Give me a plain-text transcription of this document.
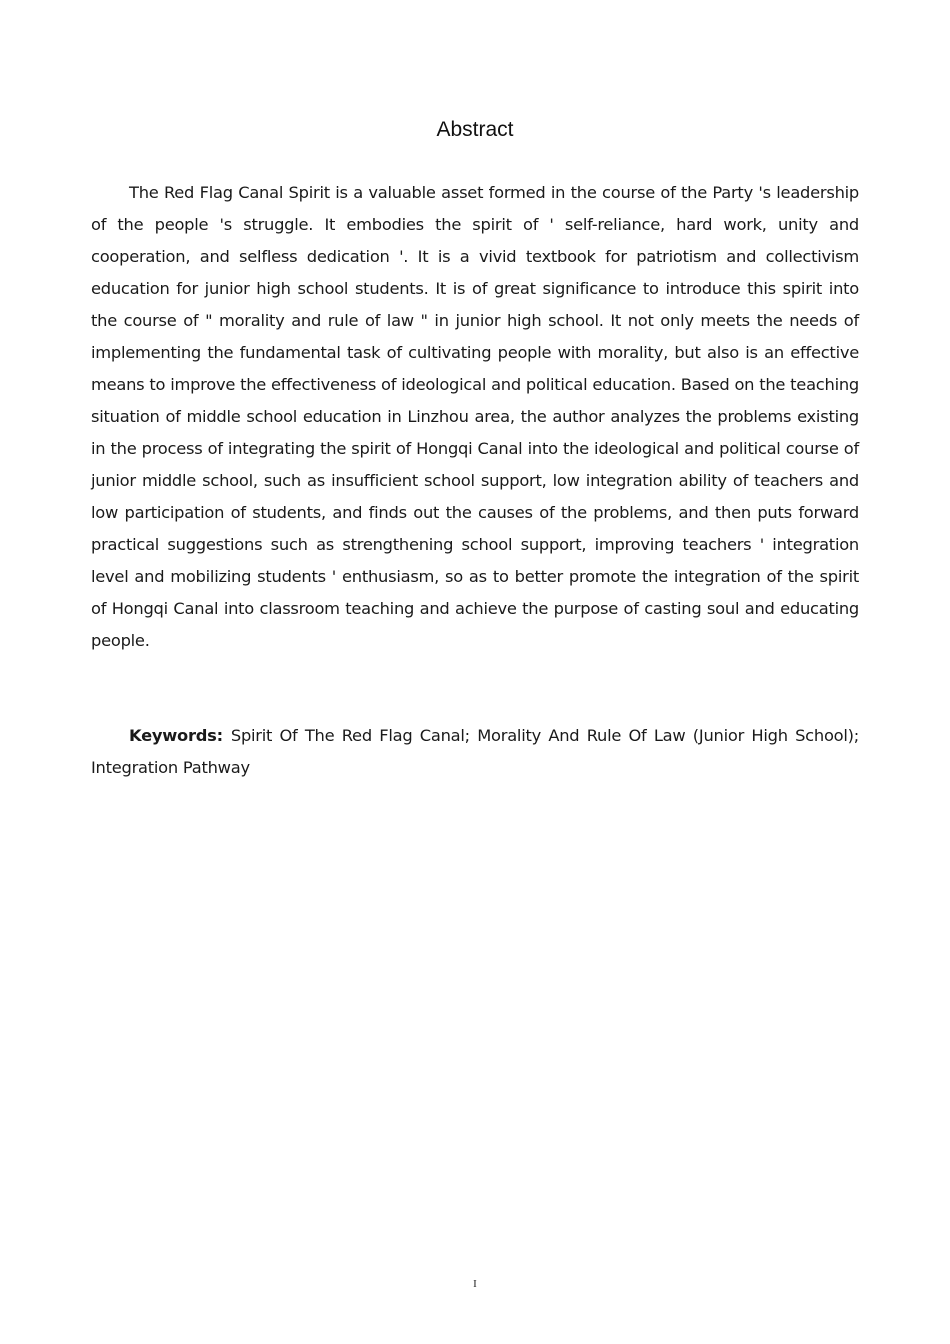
Abstract

The Red Flag Canal Spirit is a valuable asset formed in the course of the Party 's leadership of the people 's struggle. It embodies the spirit of ' self-reliance, hard work, unity and cooperation, and selfless dedication '. It is a vivid textbook for patriotism and collectivism education for junior high school students. It is of great significance to introduce this spirit into the course of " morality and rule of law " in junior high school. It not only meets the needs of implementing the fundamental task of cultivating people with morality, but also is an effective means to improve the effectiveness of ideological and political education. Based on the teaching situation of middle school education in Linzhou area, the author analyzes the problems existing in the process of integrating the spirit of Hongqi Canal into the ideological and political course of junior middle school, such as insufficient school support, low integration ability of teachers and low participation of students, and finds out the causes of the problems, and then puts forward practical suggestions such as strengthening school support, improving teachers ' integration level and mobilizing students ' enthusiasm, so as to better promote the integration of the spirit of Hongqi Canal into classroom teaching and achieve the purpose of casting soul and educating people.

Keywords: Spirit Of The Red Flag Canal; Morality And Rule Of Law (Junior High School); Integration Pathway

I
